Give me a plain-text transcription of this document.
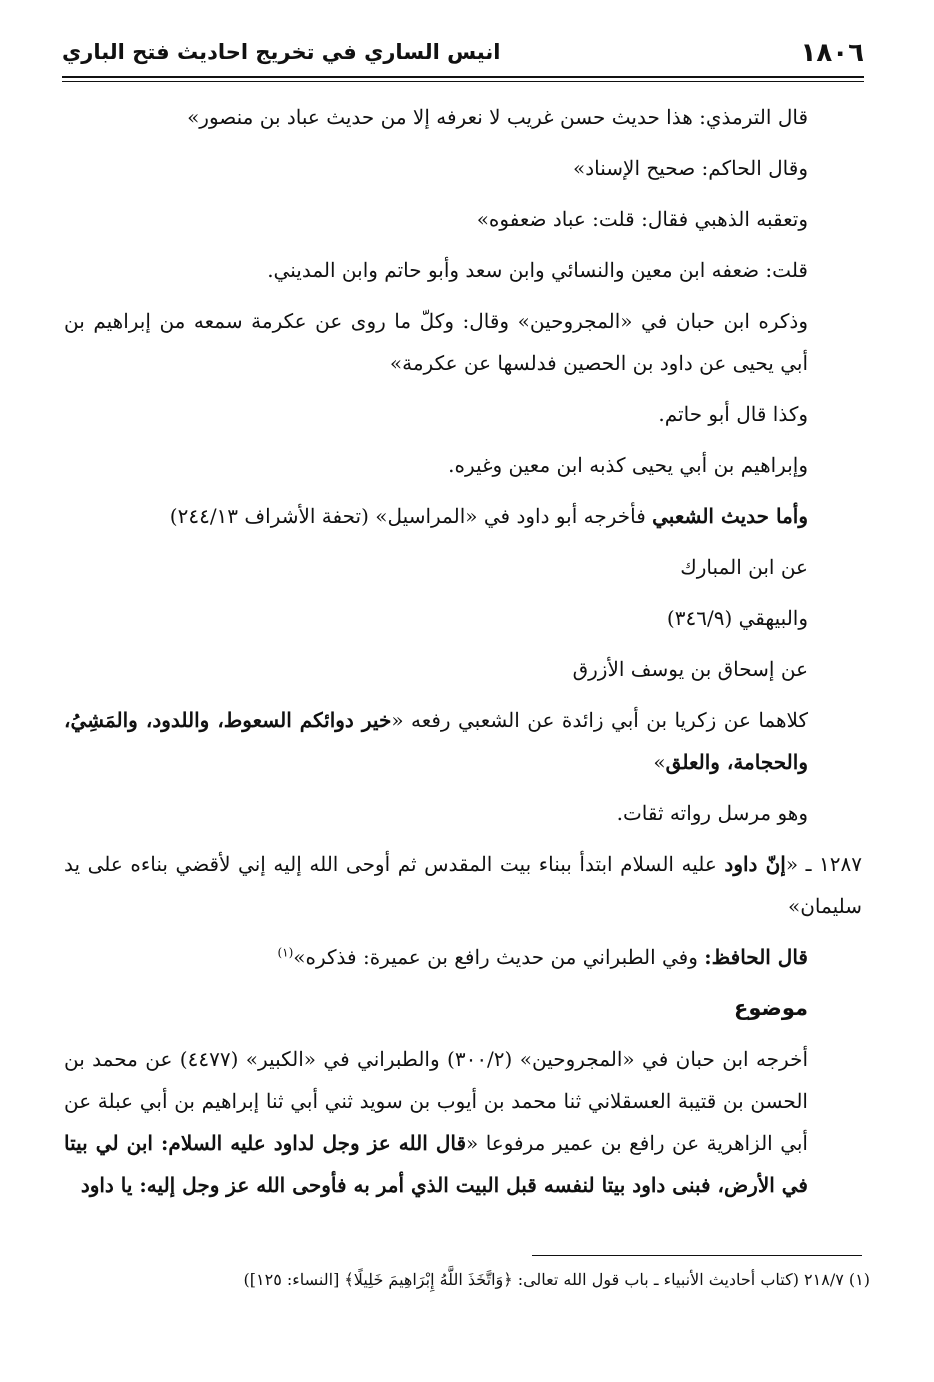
١٨٠٦
انيس الساري في تخريج احاديث فتح الباري

قال الترمذي: هذا حديث حسن غريب لا نعرفه إلا من حديث عباد بن منصور»

وقال الحاكم: صحيح الإسناد»

وتعقبه الذهبي فقال: قلت: عباد ضعفوه»

قلت: ضعفه ابن معين والنسائي وابن سعد وأبو حاتم وابن المديني.

وذكره ابن حبان في «المجروحين» وقال: وكلّ ما روى عن عكرمة سمعه من إبراهيم بن أبي يحيى عن داود بن الحصين فدلسها عن عكرمة»

وكذا قال أبو حاتم.

وإبراهيم بن أبي يحيى كذبه ابن معين وغيره.

وأما حديث الشعبي فأخرجه أبو داود في «المراسيل» (تحفة الأشراف ٢٤٤/١٣)

عن ابن المبارك

والبيهقي (٣٤٦/٩)

عن إسحاق بن يوسف الأزرق

كلاهما عن زكريا بن أبي زائدة عن الشعبي رفعه «خير دوائكم السعوط، واللدود، والمَشِيُ، والحجامة، والعلق»

وهو مرسل رواته ثقات.

١٢٨٧ ـ «إنّ داود عليه السلام ابتدأ ببناء بيت المقدس ثم أوحى الله إليه إني لأقضي بناءه على يد سليمان»

قال الحافظ: وفي الطبراني من حديث رافع بن عميرة: فذكره»$^{(١)}$

موضوع

أخرجه ابن حبان في «المجروحين» (٣٠٠/٢) والطبراني في «الكبير» (٤٤٧٧) عن محمد بن الحسن بن قتيبة العسقلاني ثنا محمد بن أيوب بن سويد ثني أبي ثنا إبراهيم بن أبي عبلة عن أبي الزاهرية عن رافع بن عمير مرفوعا «قال الله عز وجل لداود عليه السلام: ابن لي بيتا في الأرض، فبنى داود بيتا لنفسه قبل البيت الذي أمر به فأوحى الله عز وجل إليه: يا داود

(١) ٢١٨/٧ (كتاب أحاديث الأنبياء ـ باب قول الله تعالى: ﴿وَاتَّخَذَ اللَّهُ إِبْرَاهِيمَ خَلِيلًا﴾ [النساء: ١٢٥])
